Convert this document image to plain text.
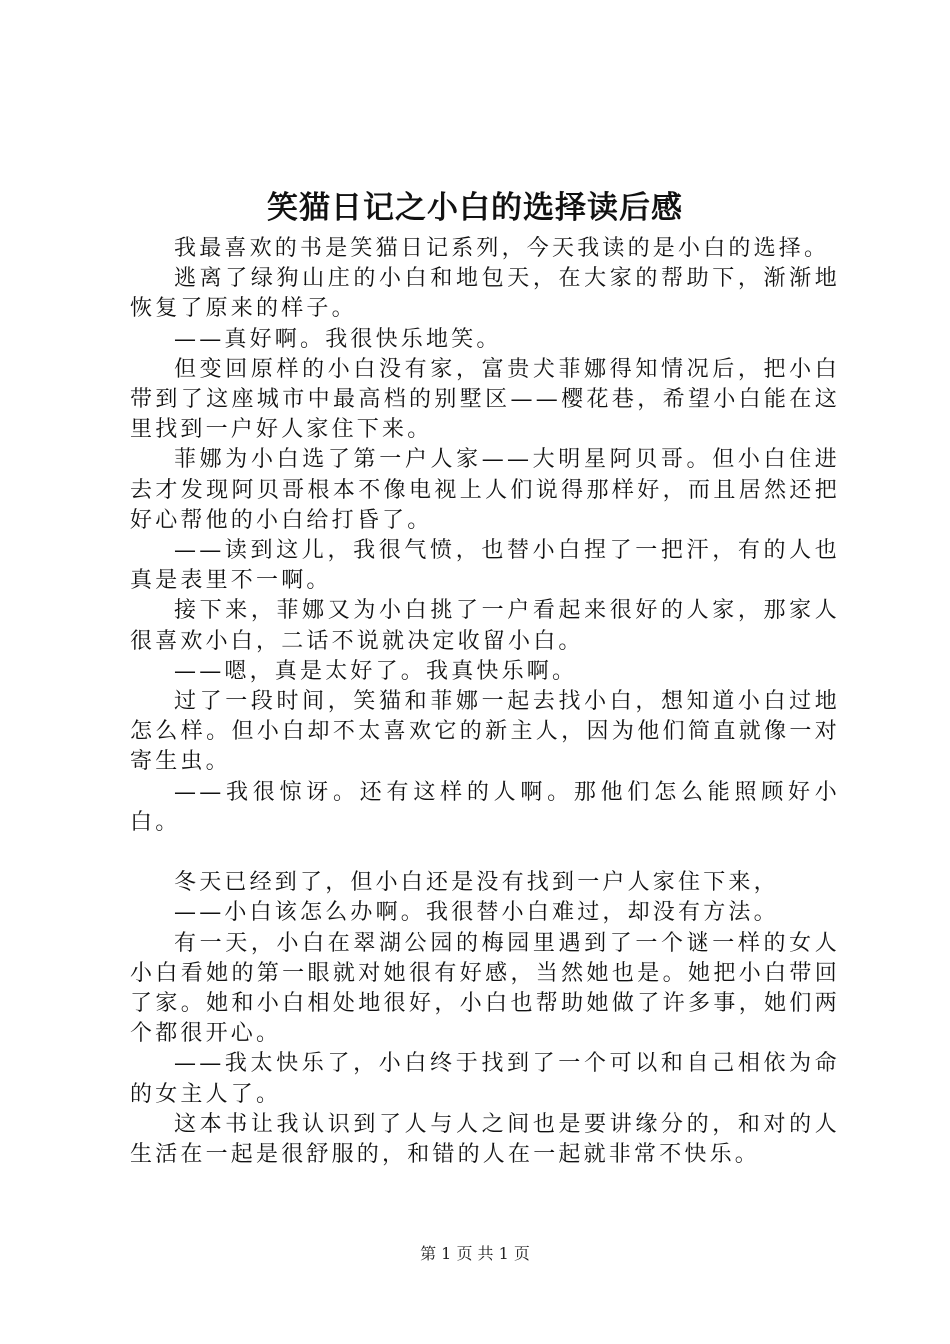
笑猫日记之小白的选择读后感

我最喜欢的书是笑猫日记系列，今天我读的是小白的选择。

逃离了绿狗山庄的小白和地包天，在大家的帮助下，渐渐地恢复了原来的样子。

——真好啊。我很快乐地笑。

但变回原样的小白没有家，富贵犬菲娜得知情况后，把小白带到了这座城市中最高档的别墅区——樱花巷，希望小白能在这里找到一户好人家住下来。

菲娜为小白选了第一户人家——大明星阿贝哥。但小白住进去才发现阿贝哥根本不像电视上人们说得那样好，而且居然还把好心帮他的小白给打昏了。

——读到这儿，我很气愤，也替小白捏了一把汗，有的人也真是表里不一啊。

接下来，菲娜又为小白挑了一户看起来很好的人家，那家人很喜欢小白，二话不说就决定收留小白。

——嗯，真是太好了。我真快乐啊。

过了一段时间，笑猫和菲娜一起去找小白，想知道小白过地怎么样。但小白却不太喜欢它的新主人，因为他们简直就像一对寄生虫。

——我很惊讶。还有这样的人啊。那他们怎么能照顾好小白。

冬天已经到了，但小白还是没有找到一户人家住下来，

——小白该怎么办啊。我很替小白难过，却没有方法。

有一天，小白在翠湖公园的梅园里遇到了一个谜一样的女人小白看她的第一眼就对她很有好感，当然她也是。她把小白带回了家。她和小白相处地很好，小白也帮助她做了许多事，她们两个都很开心。

——我太快乐了，小白终于找到了一个可以和自己相依为命的女主人了。

这本书让我认识到了人与人之间也是要讲缘分的，和对的人生活在一起是很舒服的，和错的人在一起就非常不快乐。

第 1 页 共 1 页
